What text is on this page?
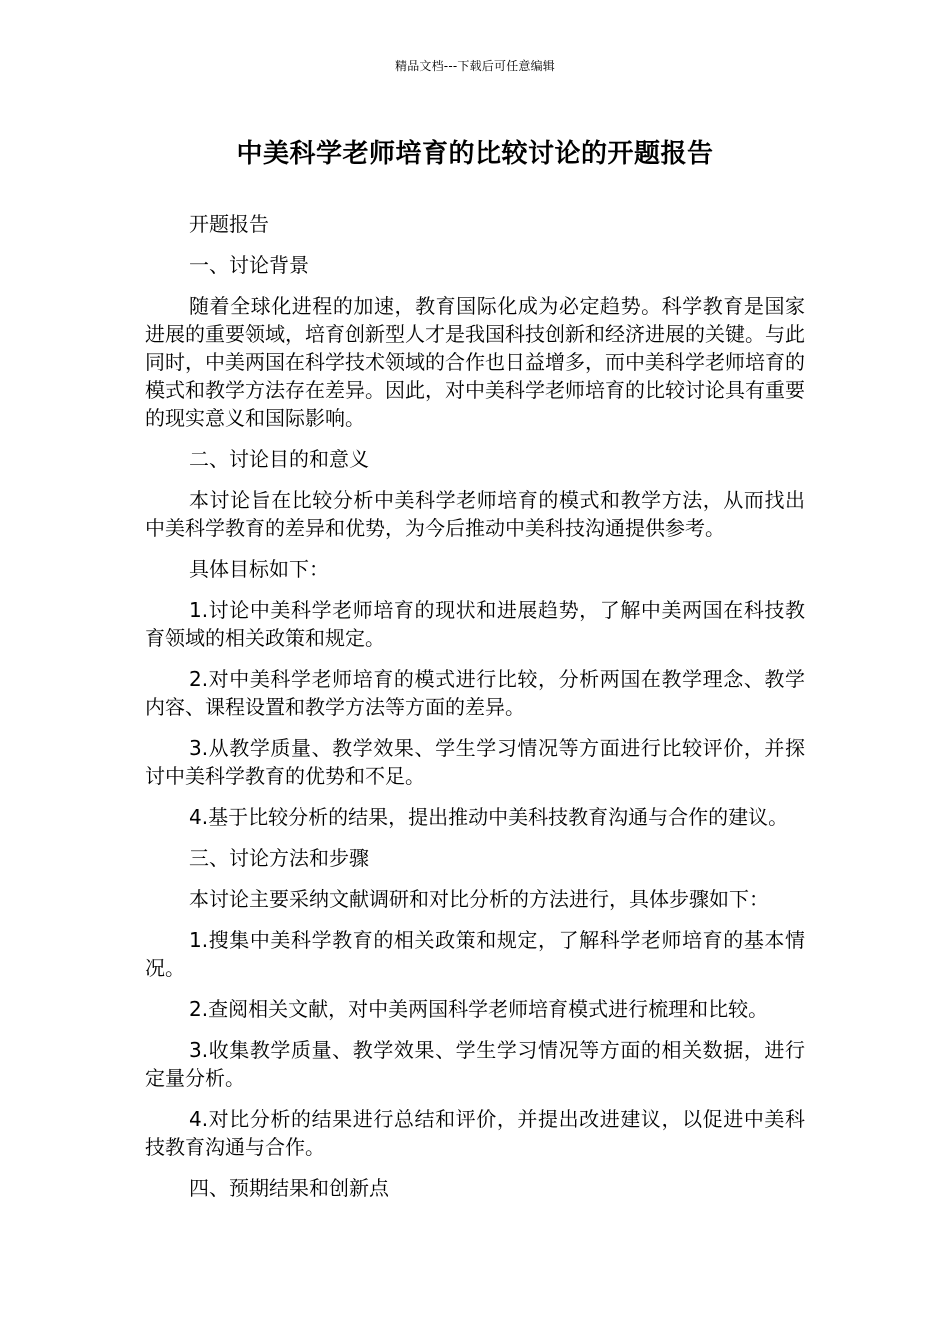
精品文档---下载后可任意编辑
中美科学老师培育的比较讨论的开题报告

开题报告

一、讨论背景

随着全球化进程的加速，教育国际化成为必定趋势。科学教育是国家进展的重要领域，培育创新型人才是我国科技创新和经济进展的关键。与此同时，中美两国在科学技术领域的合作也日益增多，而中美科学老师培育的模式和教学方法存在差异。因此，对中美科学老师培育的比较讨论具有重要的现实意义和国际影响。

二、讨论目的和意义

本讨论旨在比较分析中美科学老师培育的模式和教学方法，从而找出中美科学教育的差异和优势，为今后推动中美科技沟通提供参考。

具体目标如下：

1.讨论中美科学老师培育的现状和进展趋势，了解中美两国在科技教育领域的相关政策和规定。

2.对中美科学老师培育的模式进行比较，分析两国在教学理念、教学内容、课程设置和教学方法等方面的差异。

3.从教学质量、教学效果、学生学习情况等方面进行比较评价，并探讨中美科学教育的优势和不足。

4.基于比较分析的结果，提出推动中美科技教育沟通与合作的建议。

三、讨论方法和步骤

本讨论主要采纳文献调研和对比分析的方法进行，具体步骤如下：

1.搜集中美科学教育的相关政策和规定，了解科学老师培育的基本情况。

2.查阅相关文献，对中美两国科学老师培育模式进行梳理和比较。

3.收集教学质量、教学效果、学生学习情况等方面的相关数据，进行定量分析。

4.对比分析的结果进行总结和评价，并提出改进建议，以促进中美科技教育沟通与合作。

四、预期结果和创新点
